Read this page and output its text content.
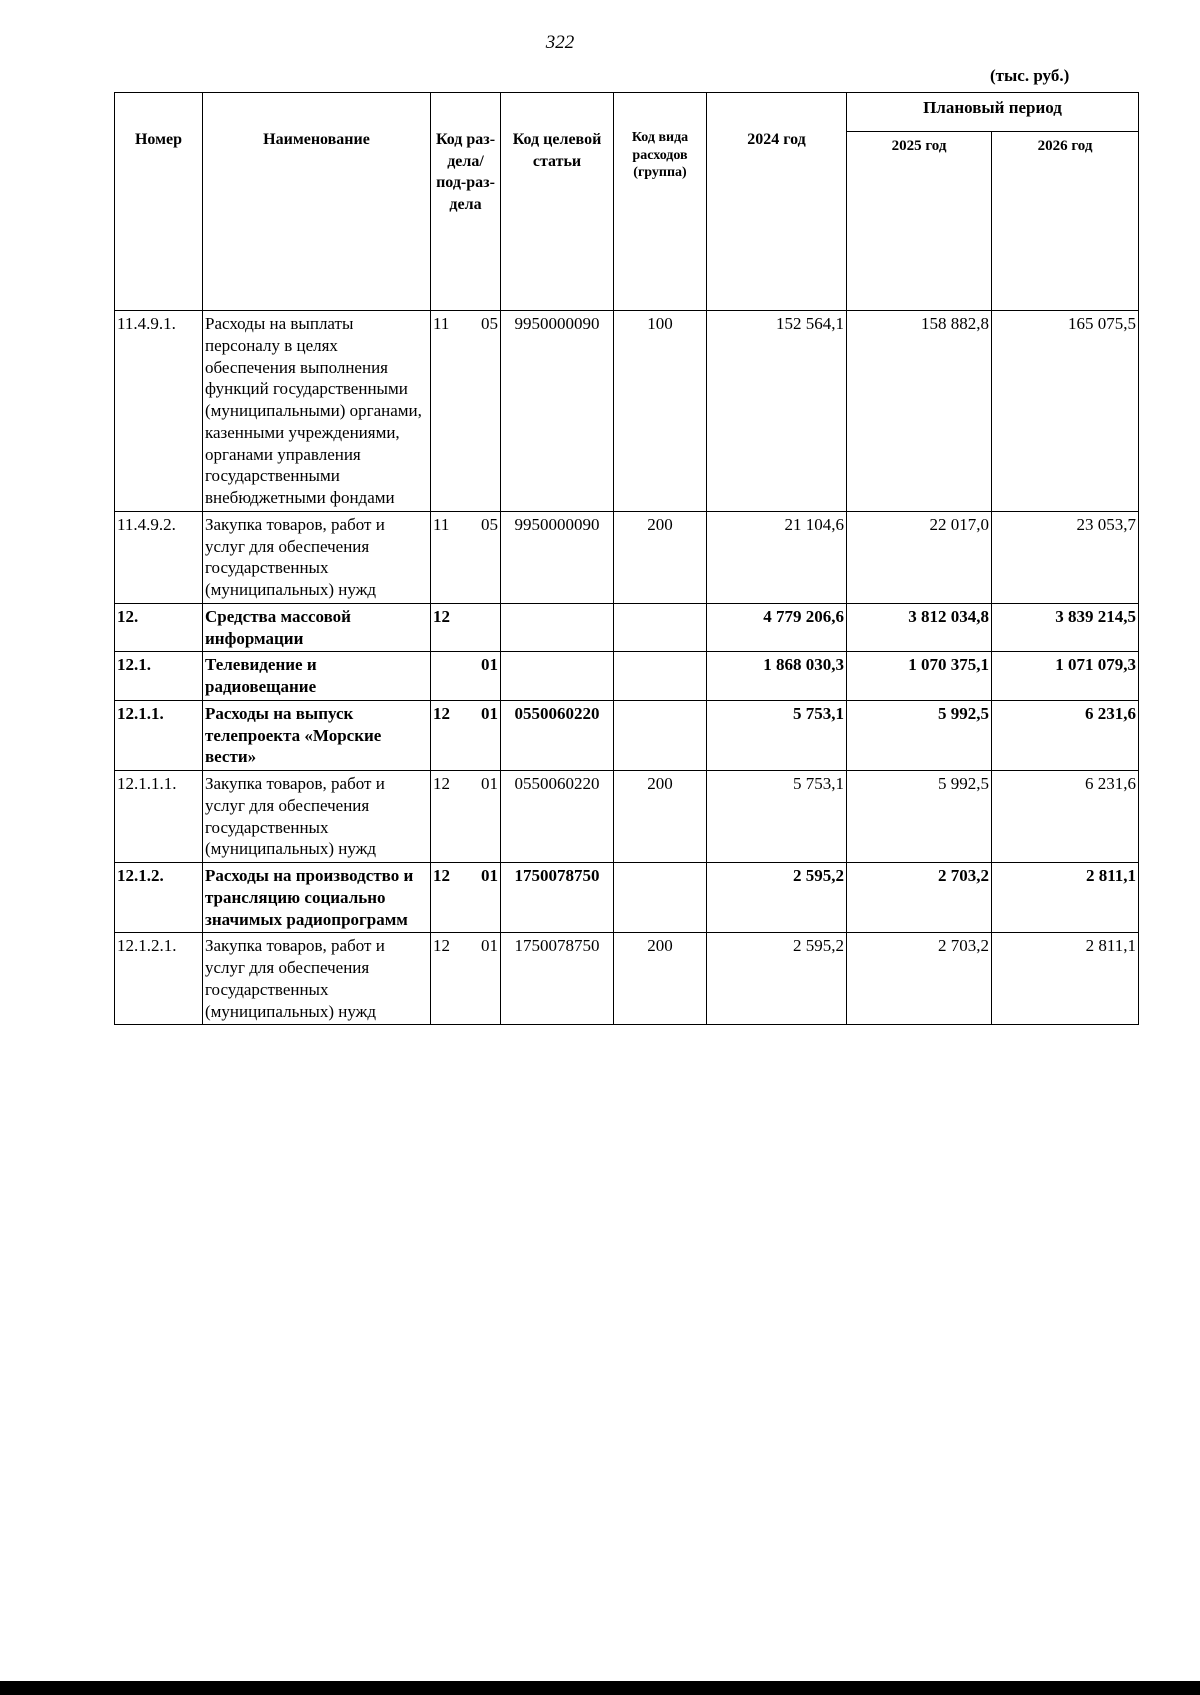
322
(тыс. руб.)
Номер	Наименование	Код раз-дела/ под-раз-дела	Код целевой статьи	Код вида расходов (группа)	2024 год	Плановый период	
						2025 год	2026 год
11.4.9.1.	Расходы на выплаты персоналу в целях обеспечения выполнения функций государственными (муниципальными) органами, казенными учреждениями, органами управления государственными внебюджетными фондами	11 05	9950000090	100	152 564,1	158 882,8	165 075,5
11.4.9.2.	Закупка товаров, работ и услуг для обеспечения государственных (муниципальных) нужд	11 05	9950000090	200	21 104,6	22 017,0	23 053,7
12.	Средства массовой информации	12			4 779 206,6	3 812 034,8	3 839 214,5
12.1.	Телевидение и радиовещание	01			1 868 030,3	1 070 375,1	1 071 079,3
12.1.1.	Расходы на выпуск телепроекта «Морские вести»	12 01	0550060220		5 753,1	5 992,5	6 231,6
12.1.1.1.	Закупка товаров, работ и услуг для обеспечения государственных (муниципальных) нужд	12 01	0550060220	200	5 753,1	5 992,5	6 231,6
12.1.2.	Расходы на производство и трансляцию социально значимых радиопрограмм	12 01	1750078750		2 595,2	2 703,2	2 811,1
12.1.2.1.	Закупка товаров, работ и услуг для обеспечения государственных (муниципальных) нужд	12 01	1750078750	200	2 595,2	2 703,2	2 811,1
